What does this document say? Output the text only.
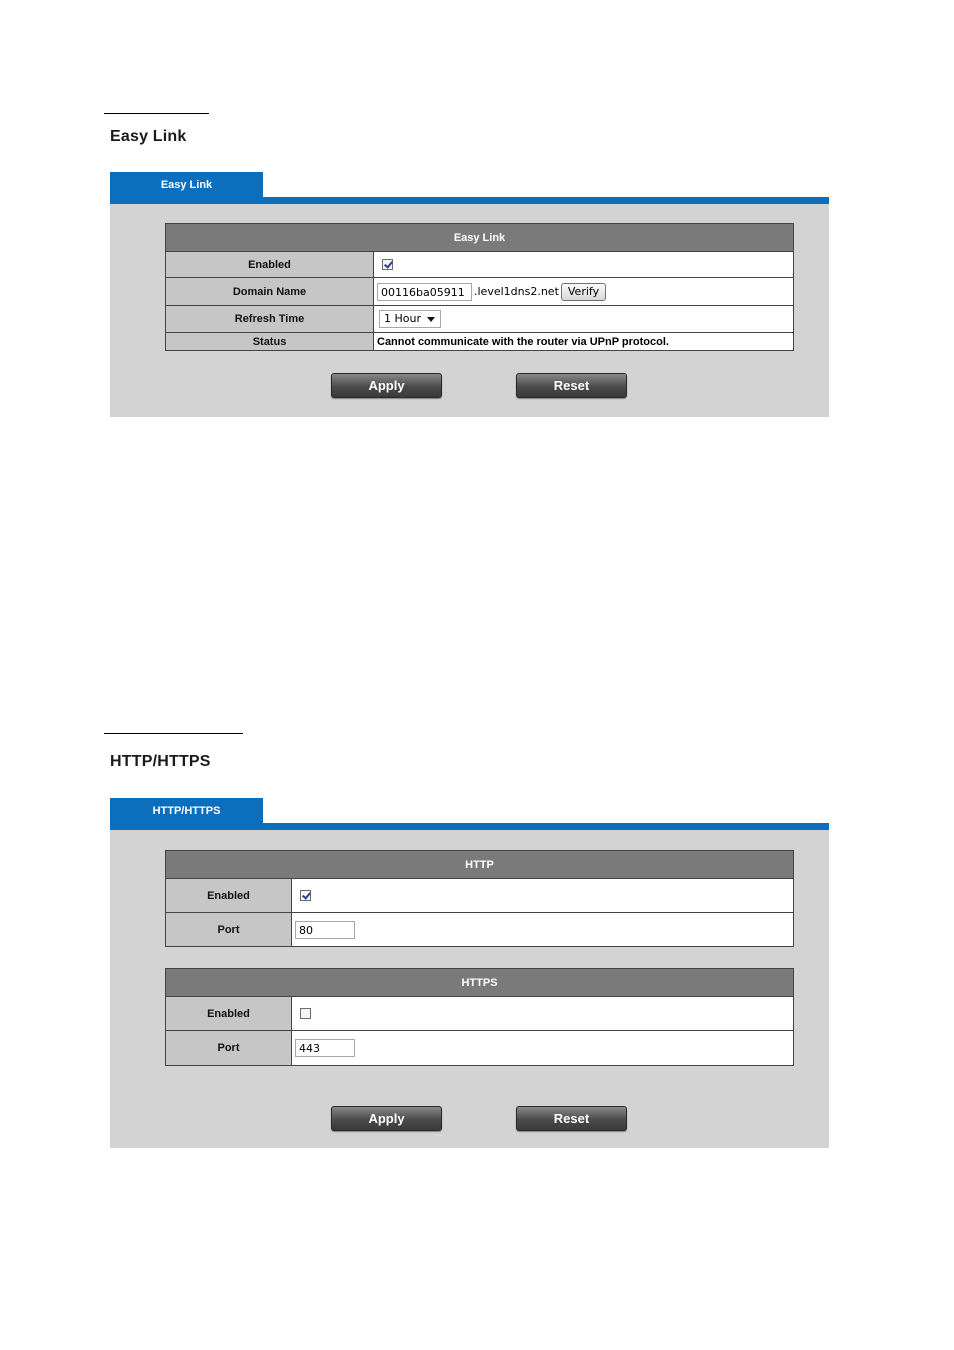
Easy Link
Easy Link
Easy Link	
Enabled	
Domain Name	00116ba05911 .level1dns2.net Verify
Refresh Time	1 Hour

Status	Cannot communicate with the router via UPnP protocol.
Apply	Reset
HTTP/HTTPS
HTTP/HTTPS
HTTP	
Enabled	
Port	80
HTTPS	
Enabled	
Port	443
Apply	Reset
